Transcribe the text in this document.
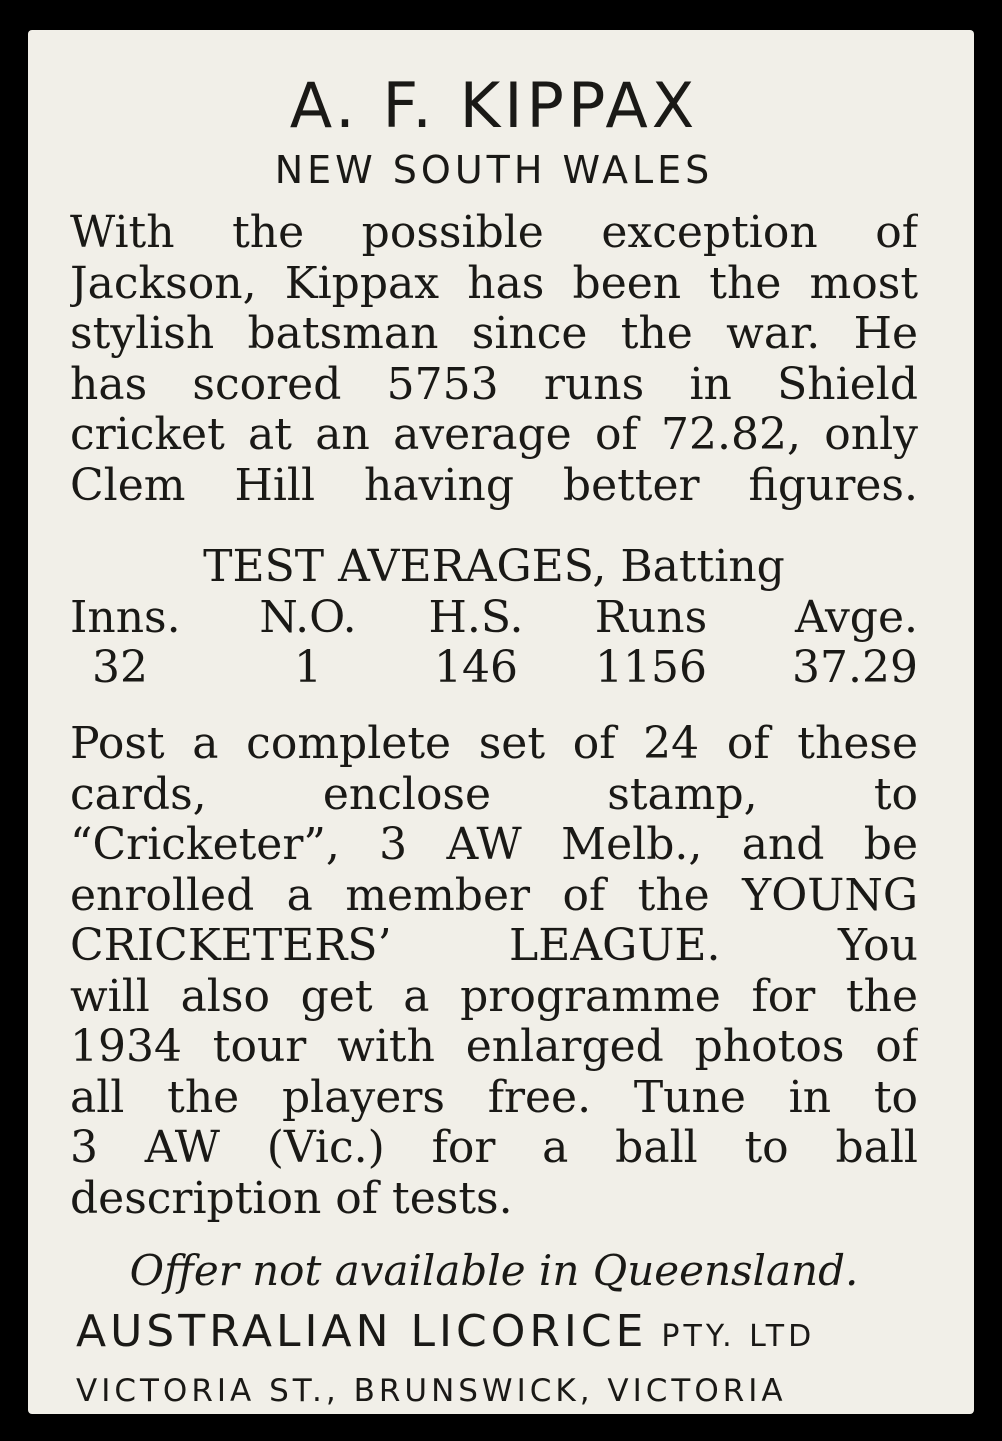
A. F. KIPPAX
NEW SOUTH WALES
With the possible exception of
Jackson, Kippax has been the most
stylish batsman since the war. He
has scored 5753 runs in Shield
cricket at an average of 72.82, only
Clem Hill having better figures.
TEST AVERAGES, Batting
Inns.	N.O.	H.S.	Runs	Avge.
32	1	146	1156	37.29
Post a complete set of 24 of these
cards, enclose stamp, to
“Cricketer”, 3 AW Melb., and be
enrolled a member of the YOUNG
CRICKETERS’ LEAGUE. You
will also get a programme for the
1934 tour with enlarged photos of
all the players free. Tune in to
3 AW (Vic.) for a ball to ball
description of tests.
Offer not available in Queensland.
AUSTRALIAN LICORICE PTY. LTD
VICTORIA ST., BRUNSWICK, VICTORIA
